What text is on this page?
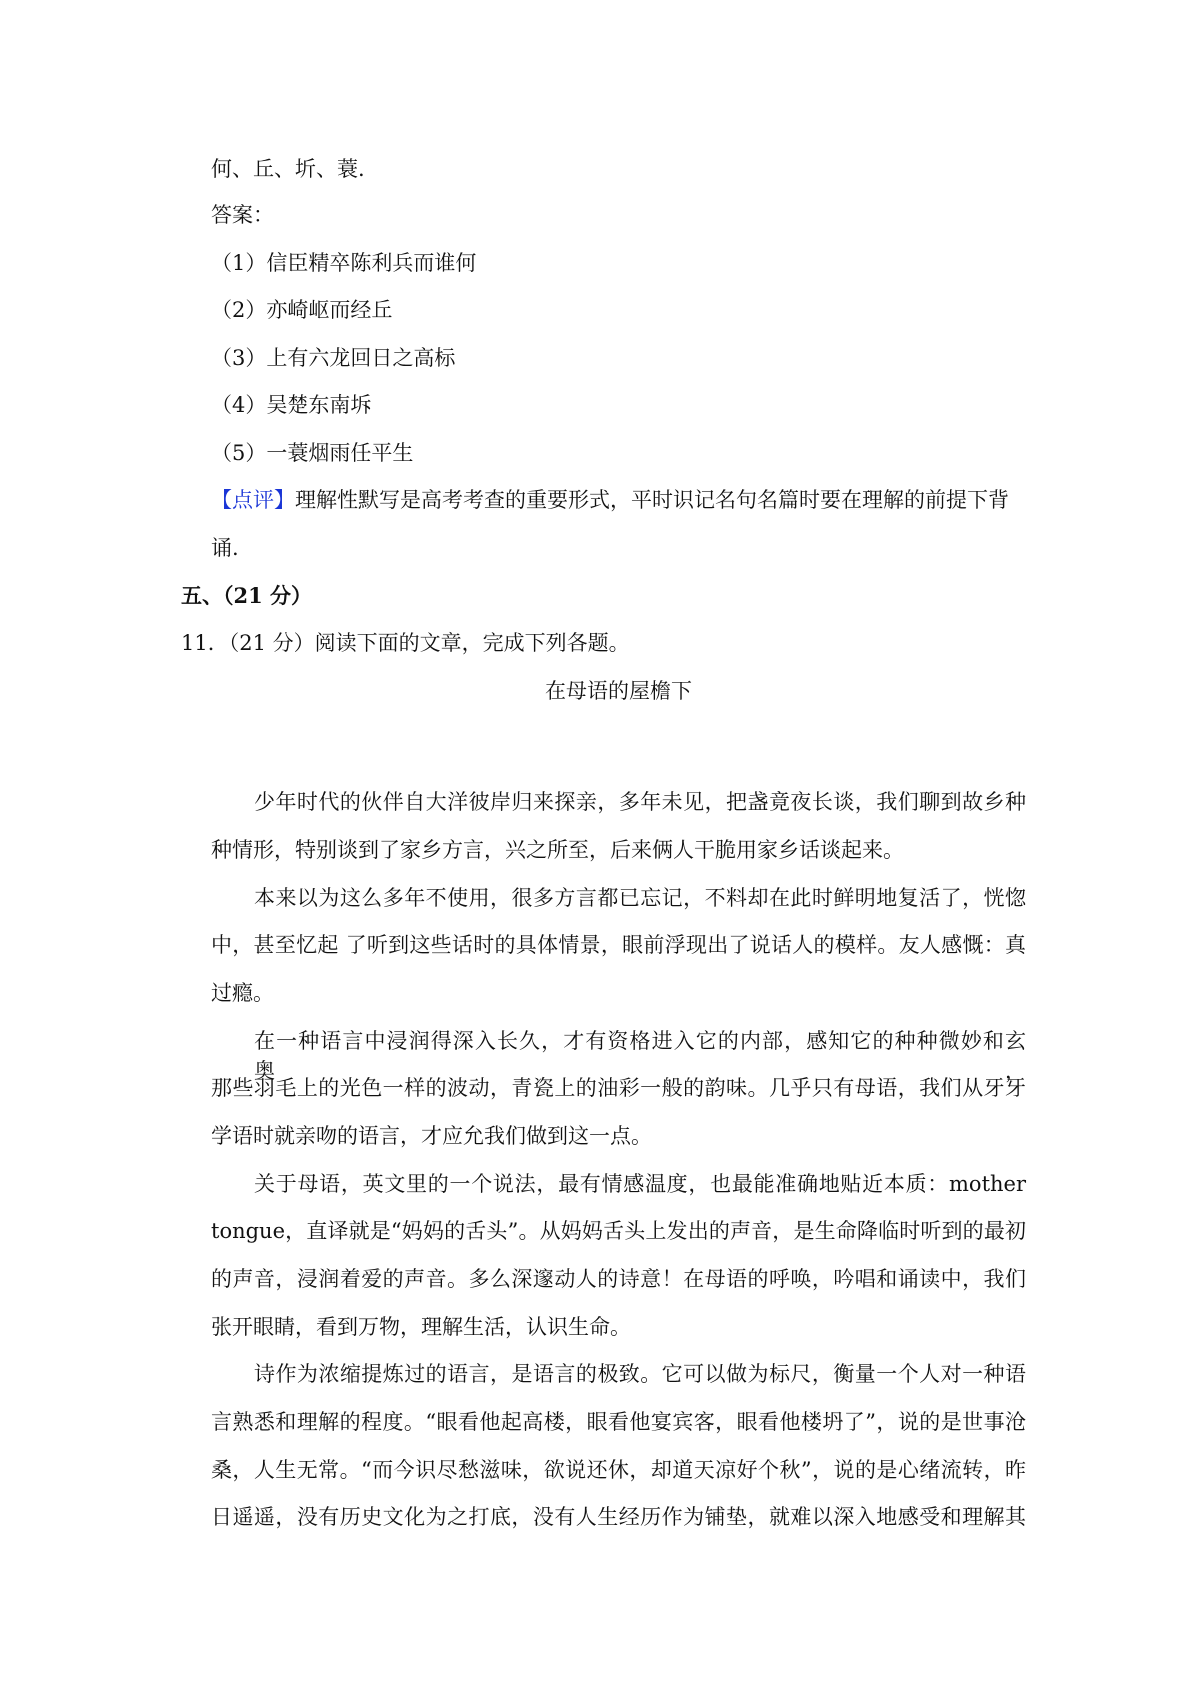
何、丘、圻、蓑.
答案：
（1）信臣精卒陈利兵而谁何
（2）亦崎岖而经丘
（3）上有六龙回日之高标
（4）吴楚东南坼
（5）一蓑烟雨任平生
【点评】理解性默写是高考考查的重要形式，平时识记名句名篇时要在理解的前提下背
诵.
五、（21 分）
11．（21 分）阅读下面的文章，完成下列各题。
在母语的屋檐下
少年时代的伙伴自大洋彼岸归来探亲，多年未见，把盏竟夜长谈，我们聊到故乡种
种情形，特别谈到了家乡方言，兴之所至，后来俩人干脆用家乡话谈起来。
本来以为这么多年不使用，很多方言都已忘记，不料却在此时鲜明地复活了，恍惚
中，甚至忆起 了听到这些话时的具体情景，眼前浮现出了说话人的模样。友人感慨：真
过瘾。
在一种语言中浸润得深入长久，才有资格进入它的内部，感知它的种种微妙和玄奥，
那些羽毛上的光色一样的波动，青瓷上的油彩一般的韵味。几乎只有母语，我们从牙牙
学语时就亲吻的语言，才应允我们做到这一点。
关于母语，英文里的一个说法，最有情感温度，也最能准确地贴近本质：mother
tongue，直译就是“妈妈的舌头”。从妈妈舌头上发出的声音，是生命降临时听到的最初
的声音，浸润着爱的声音。多么深邃动人的诗意！在母语的呼唤，吟唱和诵读中，我们
张开眼睛，看到万物，理解生活，认识生命。
诗作为浓缩提炼过的语言，是语言的极致。它可以做为标尺，衡量一个人对一种语
言熟悉和理解的程度。“眼看他起高楼，眼看他宴宾客，眼看他楼坍了”，说的是世事沧
桑，人生无常。“而今识尽愁滋味，欲说还休，却道天凉好个秋”，说的是心绪流转，昨
日遥遥，没有历史文化为之打底，没有人生经历作为铺垫，就难以深入地感受和理解其
